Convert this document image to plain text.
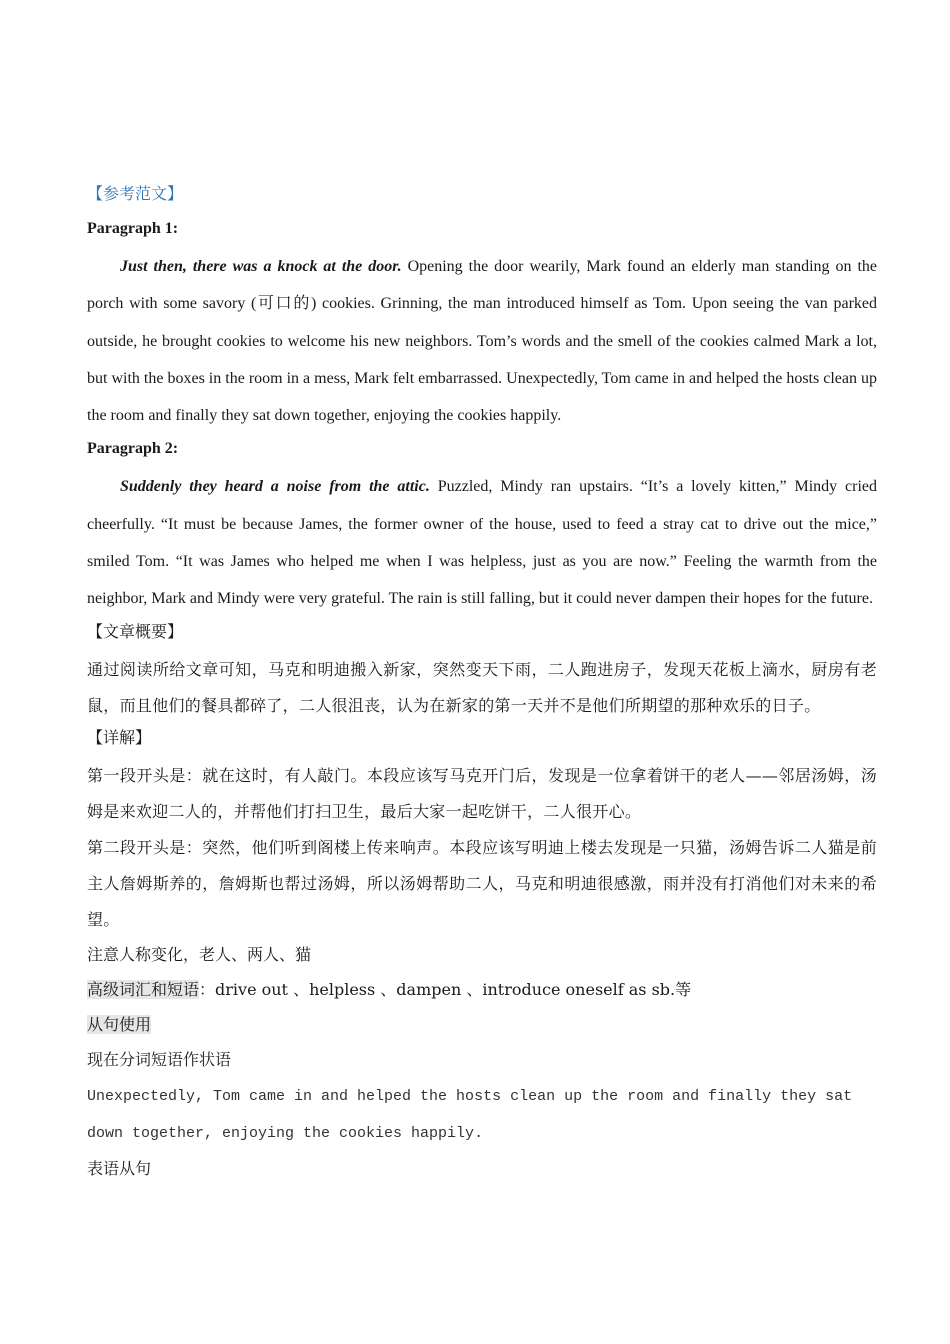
【参考范文】
Paragraph 1:
Just then, there was a knock at the door. Opening the door wearily, Mark found an elderly man standing on the porch with some savory (可口的) cookies. Grinning, the man introduced himself as Tom. Upon seeing the van parked outside, he brought cookies to welcome his new neighbors. Tom’s words and the smell of the cookies calmed Mark a lot, but with the boxes in the room in a mess, Mark felt embarrassed. Unexpectedly, Tom came in and helped the hosts clean up the room and finally they sat down together, enjoying the cookies happily.
Paragraph 2:
Suddenly they heard a noise from the attic. Puzzled, Mindy ran upstairs. “It’s a lovely kitten,” Mindy cried cheerfully. “It must be because James, the former owner of the house, used to feed a stray cat to drive out the mice,” smiled Tom. “It was James who helped me when I was helpless, just as you are now.” Feeling the warmth from the neighbor, Mark and Mindy were very grateful. The rain is still falling, but it could never dampen their hopes for the future.
【文章概要】
通过阅读所给文章可知，马克和明迪搬入新家，突然变天下雨，二人跑进房子，发现天花板上滴水，厨房有老鼠，而且他们的餐具都碎了，二人很沮丧，认为在新家的第一天并不是他们所期望的那种欢乐的日子。
【详解】
第一段开头是：就在这时，有人敲门。本段应该写马克开门后，发现是一位拿着饼干的老人——邻居汤姆，汤姆是来欢迎二人的，并帮他们打扫卫生，最后大家一起吃饼干，二人很开心。
第二段开头是：突然，他们听到阁楼上传来响声。本段应该写明迪上楼去发现是一只猫，汤姆告诉二人猫是前主人詹姆斯养的，詹姆斯也帮过汤姆，所以汤姆帮助二人，马克和明迪很感激，雨并没有打消他们对未来的希望。
注意人称变化，老人、两人、猫
高级词汇和短语：drive out 、helpless 、dampen 、introduce oneself as sb.等
从句使用
现在分词短语作状语
Unexpectedly, Tom came in and helped the hosts clean up the room and finally they sat down together, enjoying the cookies happily.
表语从句
